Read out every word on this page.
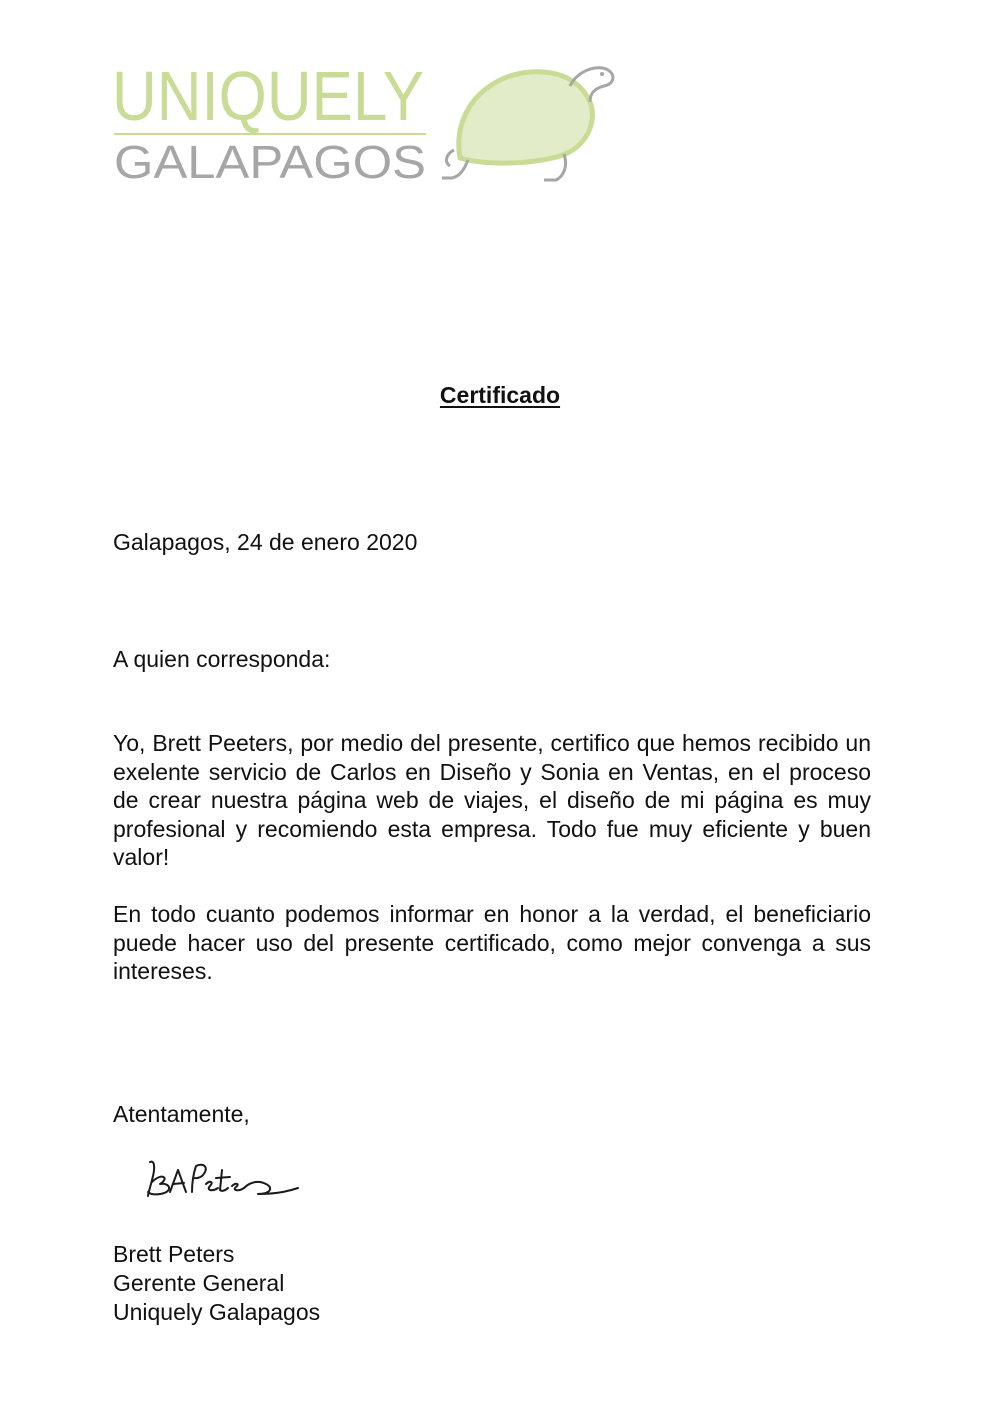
UNIQUELY
GALAPAGOS
Certificado

Galapagos, 24 de enero 2020

A quien corresponda:

Yo, Brett Peeters, por medio del presente, certifico que hemos recibido un exelente servicio de Carlos en Diseño y Sonia en Ventas, en el proceso de crear nuestra página web de viajes, el diseño de mi página es muy profesional y recomiendo esta empresa. Todo fue muy eficiente y buen valor!

En todo cuanto podemos informar en honor a la verdad, el beneficiario puede hacer uso del presente certificado, como mejor convenga a sus intereses.

Atentamente,

Brett Peters
Gerente General
Uniquely Galapagos
